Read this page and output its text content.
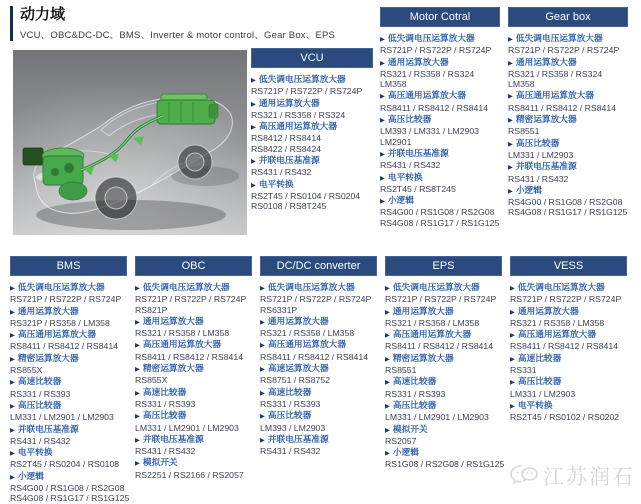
动力域
VCU、OBC&DC-DC、BMS、Inverter & motor control、Gear Box、EPS
VCU
▶ 低失调电压运算放大器
RS721P / RS722P / RS724P
▶ 通用运算放大器
RS321 / RS358 / RS324
▶ 高压通用运算放大器
RS8412 / RS8414
RS8422 / RS8424
▶ 并联电压基准源
RS431 / RS432
▶ 电平转换
RS2T45 / RS0104 / RS0204
RS0108 / RS8T245
Motor Cotral
▶ 低失调电压运算放大器
RS721P / RS722P / RS724P
▶ 通用运算放大器
RS321 / RS358 / RS324
LM358
▶ 高压通用运算放大器
RS8411 / RS8412 / RS8414
▶ 高压比较器
LM393 / LM331 / LM2903
LM2901
▶ 并联电压基准源
RS431 / RS432
▶ 电平转换
RS2T45 / RS8T245
▶ 小逻辑
RS4G00 / RS1G08 / RS2G08
RS4G08 / RS1G17 / RS1G125
Gear box
▶ 低失调电压运算放大器
RS721P / RS722P / RS724P
▶ 通用运算放大器
RS321 / RS358 / RS324
LM358
▶ 高压通用运算放大器
RS8411 / RS8412 / RS8414
▶ 精密运算放大器
RS8551
▶ 高压比较器
LM331 / LM2903
▶ 并联电压基准源
RS431 / RS432
▶ 小逻辑
RS4G00 / RS1G08 / RS2G08
RS4G08 / RS1G17 / RS1G125
BMS
▶ 低失调电压运算放大器
RS721P / RS722P / RS724P
▶ 通用运算放大器
RS321P / RS358 / LM358
▶ 高压通用运算放大器
RS8411 / RS8412 / RS8414
▶ 精密运算放大器
RS855X
▶ 高速比较器
RS331 / RS393
▶ 高压比较器
LM331 / LM2901 / LM2903
▶ 并联电压基准源
RS431 / RS432
▶ 电平转换
RS2T45 / RS0204 / RS0108
▶ 小逻辑
RS4G00 / RS1G08 / RS2G08
RS4G08 / RS1G17 / RS1G125
OBC
▶ 低失调电压运算放大器
RS721P / RS722P / RS724P
RS821P
▶ 通用运算放大器
RS321 / RS358 / LM358
▶ 高压通用运算放大器
RS8411 / RS8412 / RS8414
▶ 精密运算放大器
RS855X
▶ 高速比较器
RS331 / RS393
▶ 高压比较器
LM331 / LM2901 / LM2903
▶ 并联电压基准源
RS431 / RS432
▶ 模拟开关
RS2251 / RS2166 / RS2057
DC/DC converter
▶ 低失调电压运算放大器
RS721P / RS722P / RS724P
RS6331P
▶ 通用运算放大器
RS321 / RS358 / LM358
▶ 高压通用运算放大器
RS8411 / RS8412 / RS8414
▶ 高速运算放大器
RS8751 / RS8752
▶ 高速比较器
RS331 / RS393
▶ 高压比较器
LM393 / LM2903
▶ 并联电压基准源
RS431 / RS432
EPS
▶ 低失调电压运算放大器
RS721P / RS722P / RS724P
▶ 通用运算放大器
RS321 / RS358 / LM358
▶ 高压通用运算放大器
RS8411 / RS8412 / RS8414
▶ 精密运算放大器
RS8551
▶ 高速比较器
RS331 / RS393
▶ 高压比较器
LM331 / LM2901 / LM2903
▶ 模拟开关
RS2057
▶ 小逻辑
RS1G08 / RS2G08 / RS1G125
VESS
▶ 低失调电压运算放大器
RS721P / RS722P / RS724P
▶ 通用运算放大器
RS321 / RS358 / LM358
▶ 高压通用运算放大器
RS8411 / RS8412 / RS8414
▶ 高速比较器
RS331
▶ 高压比较器
LM331 / LM2903
▶ 电平转换
RS2T45 / RS0102 / RS0202
江苏润石
